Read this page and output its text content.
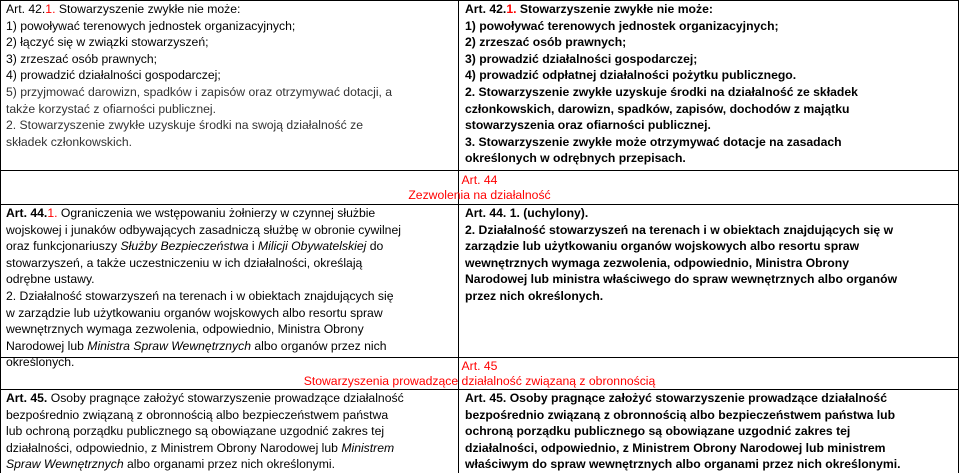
Art. 42.1. Stowarzyszenie zwykłe nie może:
1) powoływać terenowych jednostek organizacyjnych;
2) łączyć się w związki stowarzyszeń;
3) zrzeszać osób prawnych;
4) prowadzić działalności gospodarczej;
5) przyjmować darowizn, spadków i zapisów oraz otrzymywać dotacji, a
także korzystać z ofiarności publicznej.
2. Stowarzyszenie zwykłe uzyskuje środki na swoją działalność ze
składek członkowskich.
Art. 42.1. Stowarzyszenie zwykłe nie może:
1) powoływać terenowych jednostek organizacyjnych;
2) zrzeszać osób prawnych;
3) prowadzić działalności gospodarczej;
4) prowadzić odpłatnej działalności pożytku publicznego.
2. Stowarzyszenie zwykłe uzyskuje środki na działalność ze składek
członkowskich, darowizn, spadków, zapisów, dochodów z majątku
stowarzyszenia oraz ofiarności publicznej.
3. Stowarzyszenie zwykłe może otrzymywać dotacje na zasadach
określonych w odrębnych przepisach.
Art. 44
Zezwolenia na działalność
Art. 44.1. Ograniczenia we wstępowaniu żołnierzy w czynnej służbie
wojskowej i junaków odbywających zasadniczą służbę w obronie cywilnej
oraz funkcjonariuszy Służby Bezpieczeństwa i Milicji Obywatelskiej do
stowarzyszeń, a także uczestniczeniu w ich działalności, określają
odrębne ustawy.
2. Działalność stowarzyszeń na terenach i w obiektach znajdujących się
w zarządzie lub użytkowaniu organów wojskowych albo resortu spraw
wewnętrznych wymaga zezwolenia, odpowiednio, Ministra Obrony
Narodowej lub Ministra Spraw Wewnętrznych albo organów przez nich
określonych.
Art. 44. 1. (uchylony).
2. Działalność stowarzyszeń na terenach i w obiektach znajdujących się w
zarządzie lub użytkowaniu organów wojskowych albo resortu spraw
wewnętrznych wymaga zezwolenia, odpowiednio, Ministra Obrony
Narodowej lub ministra właściwego do spraw wewnętrznych albo organów
przez nich określonych.
Art. 45
Stowarzyszenia prowadzące działalność związaną z obronnością
Art. 45. Osoby pragnące założyć stowarzyszenie prowadzące działalność
bezpośrednio związaną z obronnością albo bezpieczeństwem państwa
lub ochroną porządku publicznego są obowiązane uzgodnić zakres tej
działalności, odpowiednio, z Ministrem Obrony Narodowej lub Ministrem
Spraw Wewnętrznych albo organami przez nich określonymi.
Art. 45. Osoby pragnące założyć stowarzyszenie prowadzące działalność
bezpośrednio związaną z obronnością albo bezpieczeństwem państwa lub
ochroną porządku publicznego są obowiązane uzgodnić zakres tej
działalności, odpowiednio, z Ministrem Obrony Narodowej lub ministrem
właściwym do spraw wewnętrznych albo organami przez nich określonymi.
